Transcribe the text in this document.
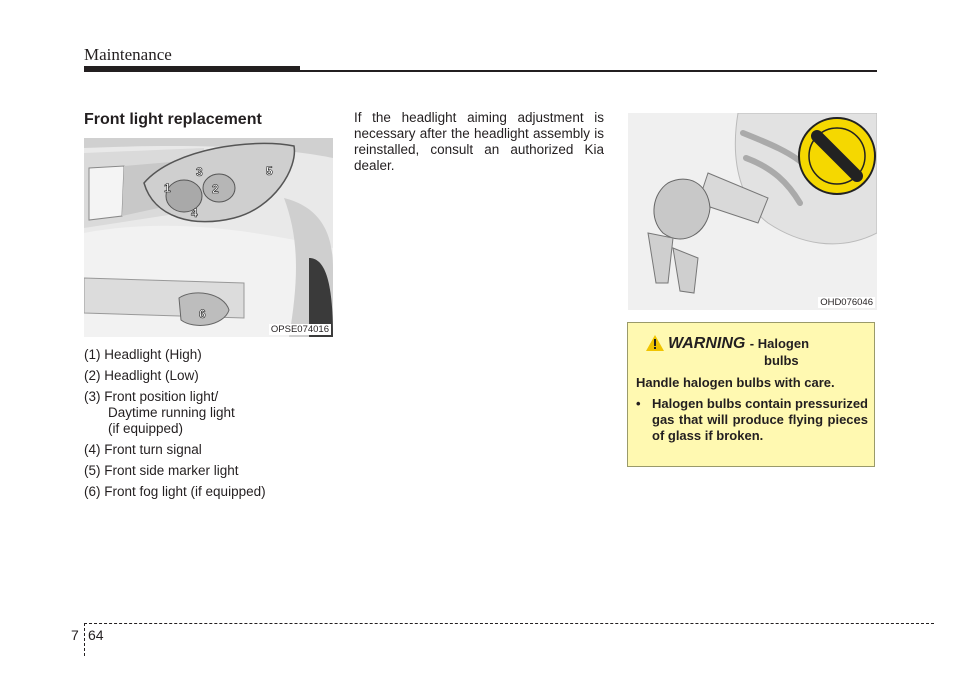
Maintenance
Front light replacement
1	2
3
4
5
6
OPSE074016
(1) Headlight (High)
(2) Headlight (Low)
(3) Front position light/
Daytime running light
(if equipped)
(4) Front turn signal
(5) Front side marker light
(6) Front fog light (if equipped)

If the headlight aiming adjustment is necessary after the headlight assembly is reinstalled, consult an authorized Kia dealer.

OHD076046
WARNING - Halogen
bulbs
Handle halogen bulbs with care.
• Halogen bulbs contain pressurized gas that will produce flying pieces of glass if broken.
7 64
